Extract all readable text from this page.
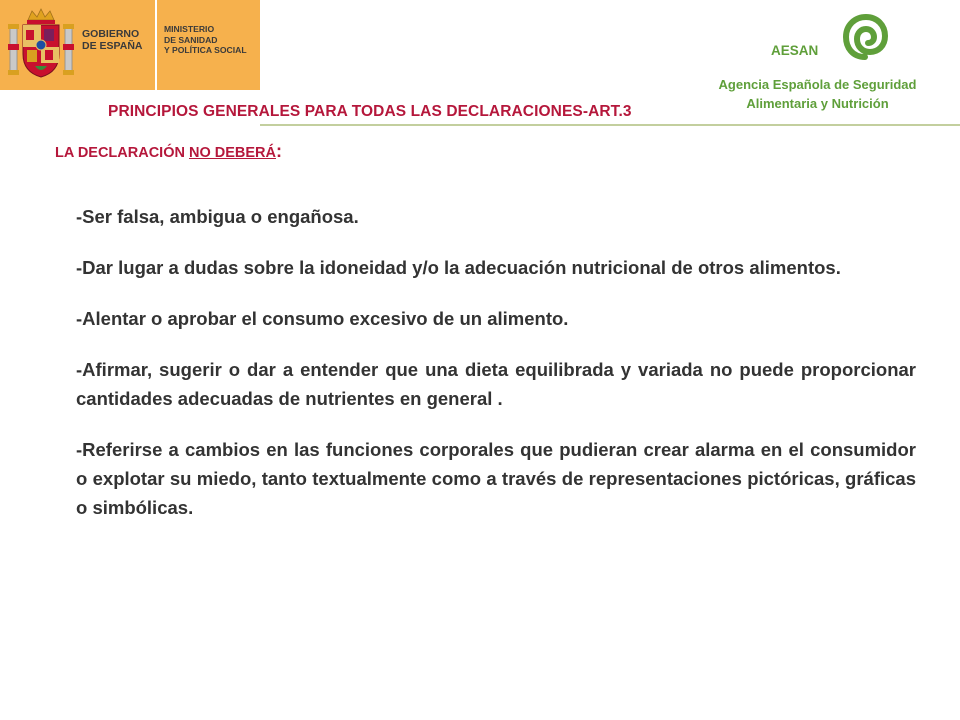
GOBIERNO
DE ESPAÑA
MINISTERIO
DE SANIDAD
Y POLÍTICA SOCIAL	AESAN
Agencia Española de Seguridad
Alimentaria y Nutrición
PRINCIPIOS GENERALES PARA TODAS LAS DECLARACIONES-ART.3
LA DECLARACIÓN NO DEBERÁ:

-Ser falsa, ambigua o engañosa.

-Dar lugar a dudas sobre la idoneidad y/o la adecuación nutricional de otros alimentos.

-Alentar o aprobar el consumo excesivo de un alimento.

-Afirmar, sugerir o dar a entender que una dieta equilibrada y variada no puede proporcionar cantidades adecuadas de nutrientes en general .

-Referirse a cambios en las funciones corporales que pudieran crear alarma en el consumidor o explotar su miedo, tanto textualmente como a través de representaciones pictóricas, gráficas o simbólicas.
